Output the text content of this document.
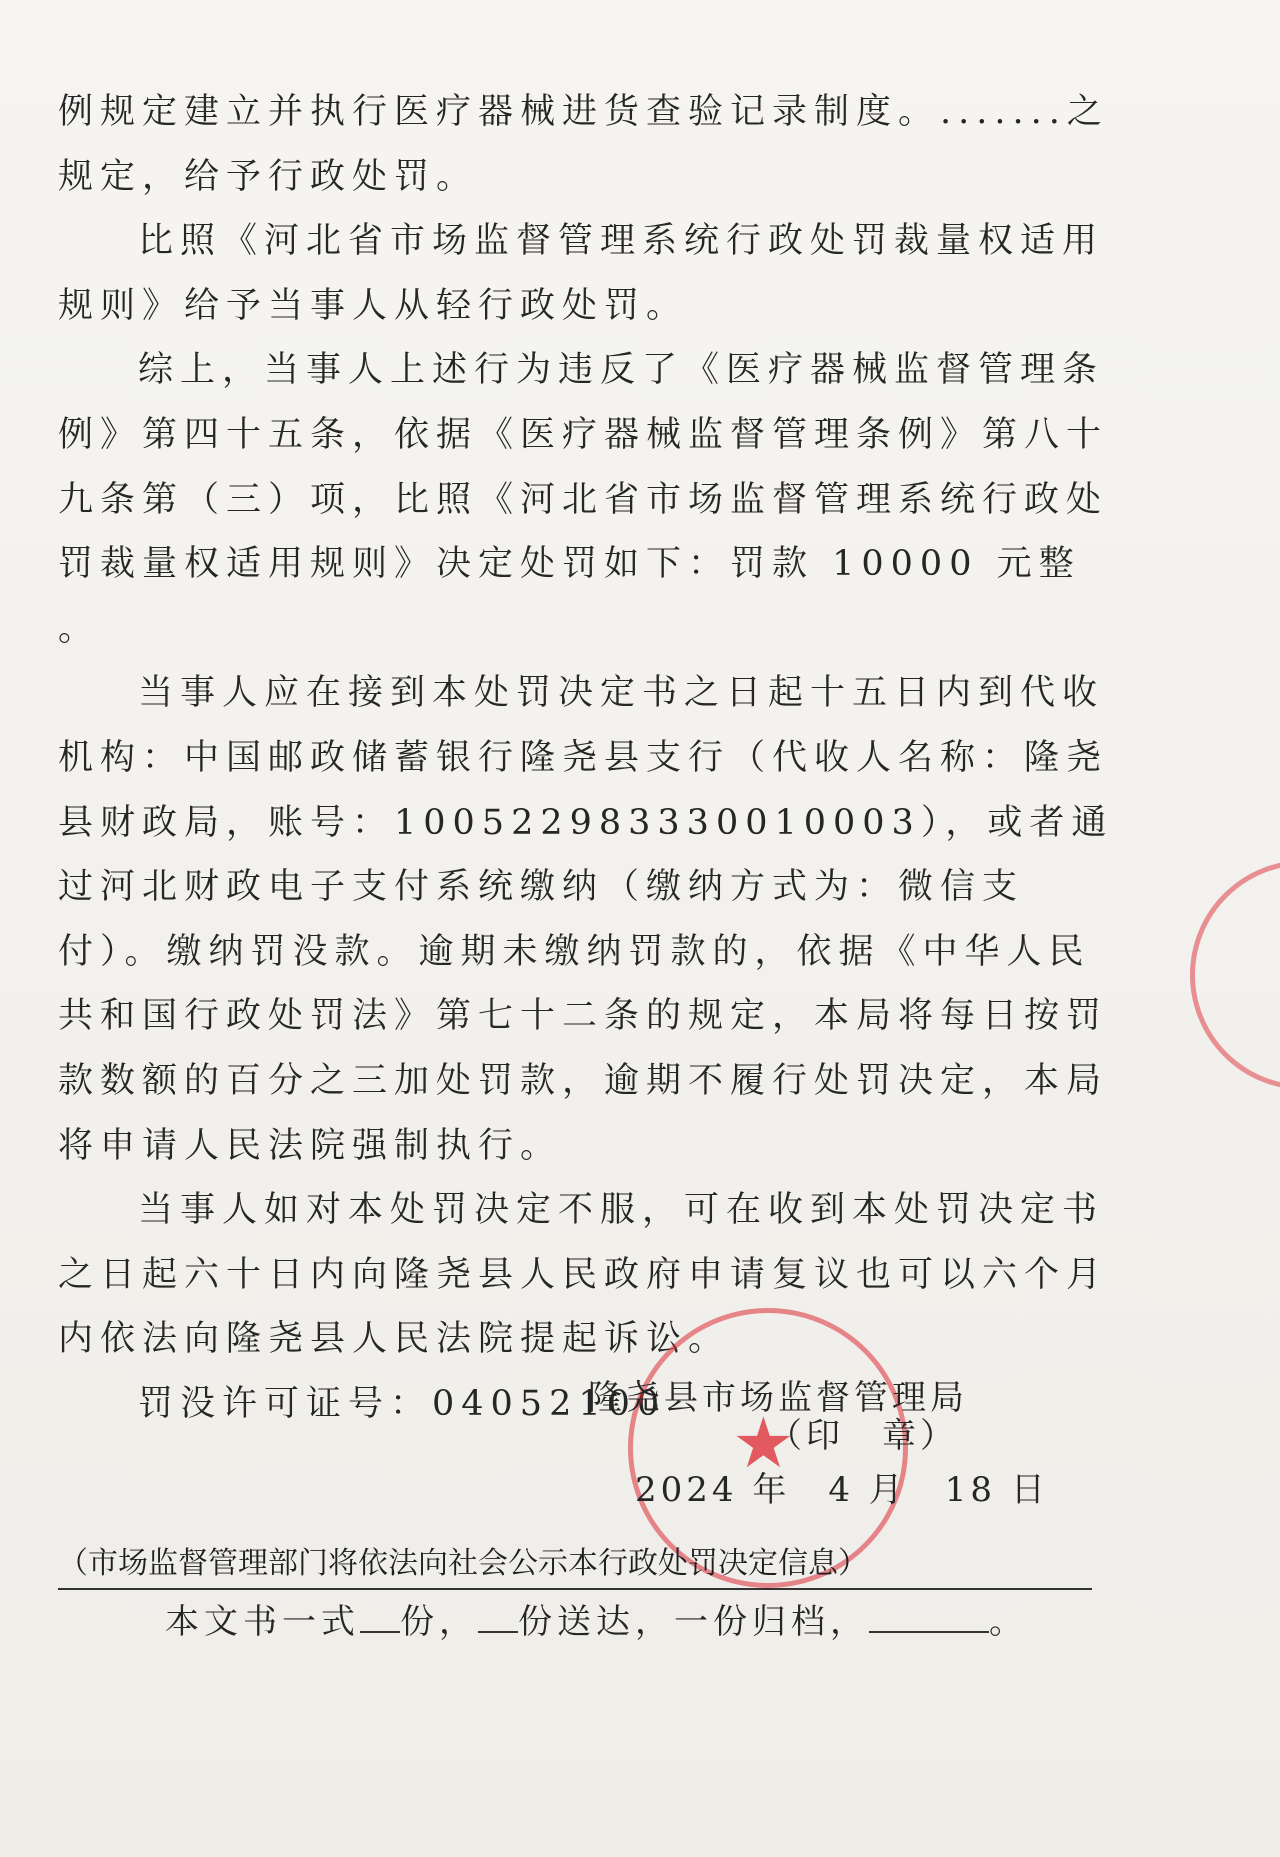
例规定建立并执行医疗器械进货查验记录制度。.......之规定，给予行政处罚。

比照《河北省市场监督管理系统行政处罚裁量权适用规则》给予当事人从轻行政处罚。

综上，当事人上述行为违反了《医疗器械监督管理条例》第四十五条，依据《医疗器械监督管理条例》第八十九条第（三）项，比照《河北省市场监督管理系统行政处罚裁量权适用规则》决定处罚如下：罚款 10000 元整 。

当事人应在接到本处罚决定书之日起十五日内到代收机构：中国邮政储蓄银行隆尧县支行（代收人名称：隆尧县财政局，账号：100522983330010003），或者通过河北财政电子支付系统缴纳（缴纳方式为：微信支付）。缴纳罚没款。逾期未缴纳罚款的，依据《中华人民共和国行政处罚法》第七十二条的规定，本局将每日按罚款数额的百分之三加处罚款，逾期不履行处罚决定，本局将申请人民法院强制执行。

当事人如对本处罚决定不服，可在收到本处罚决定书之日起六十日内向隆尧县人民政府申请复议也可以六个月内依法向隆尧县人民法院提起诉讼。

罚没许可证号：04052100 ★
隆尧县市场监督管理局
（印　章）
2024 年　4 月　18 日
（市场监督管理部门将依法向社会公示本行政处罚决定信息）
本文书一式 份， 份送达，一份归档，	。
